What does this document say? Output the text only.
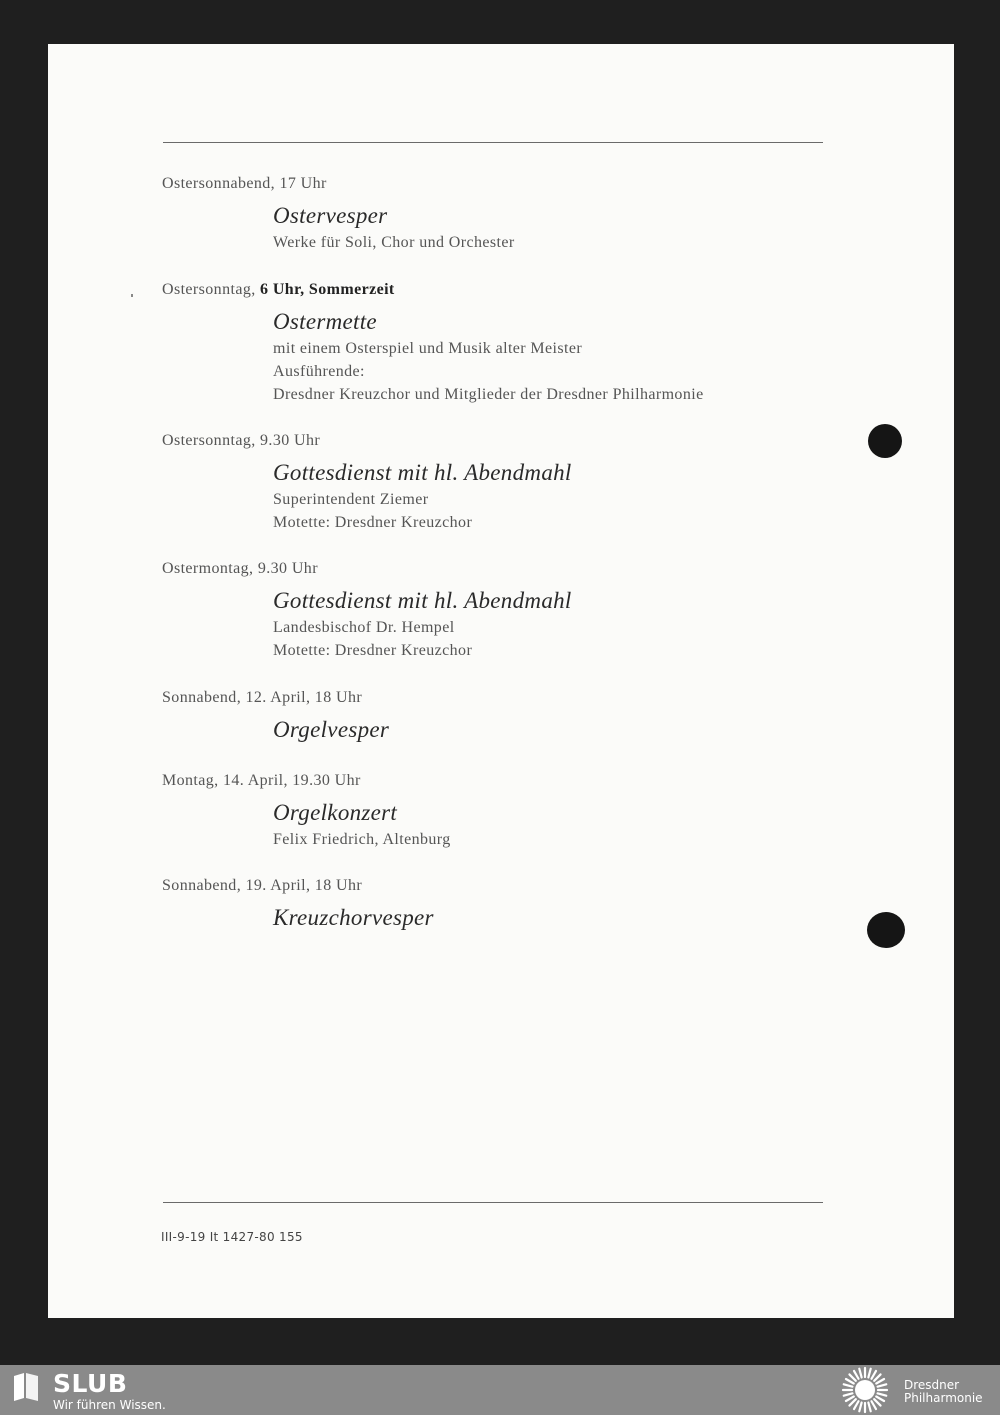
Ostersonnabend, 17 Uhr
Ostervesper
Werke für Soli, Chor und Orchester
Ostersonntag, 6 Uhr, Sommerzeit
Ostermette
mit einem Osterspiel und Musik alter Meister
Ausführende:
Dresdner Kreuzchor und Mitglieder der Dresdner Philharmonie
Ostersonntag, 9.30 Uhr
Gottesdienst mit hl. Abendmahl
Superintendent Ziemer
Motette: Dresdner Kreuzchor
Ostermontag, 9.30 Uhr
Gottesdienst mit hl. Abendmahl
Landesbischof Dr. Hempel
Motette: Dresdner Kreuzchor
Sonnabend, 12. April, 18 Uhr
Orgelvesper
Montag, 14. April, 19.30 Uhr
Orgelkonzert
Felix Friedrich, Altenburg
Sonnabend, 19. April, 18 Uhr
Kreuzchorvesper
III-9-19 It 1427-80 155
SLUB
Wir führen Wissen.
Dresdner
Philharmonie
